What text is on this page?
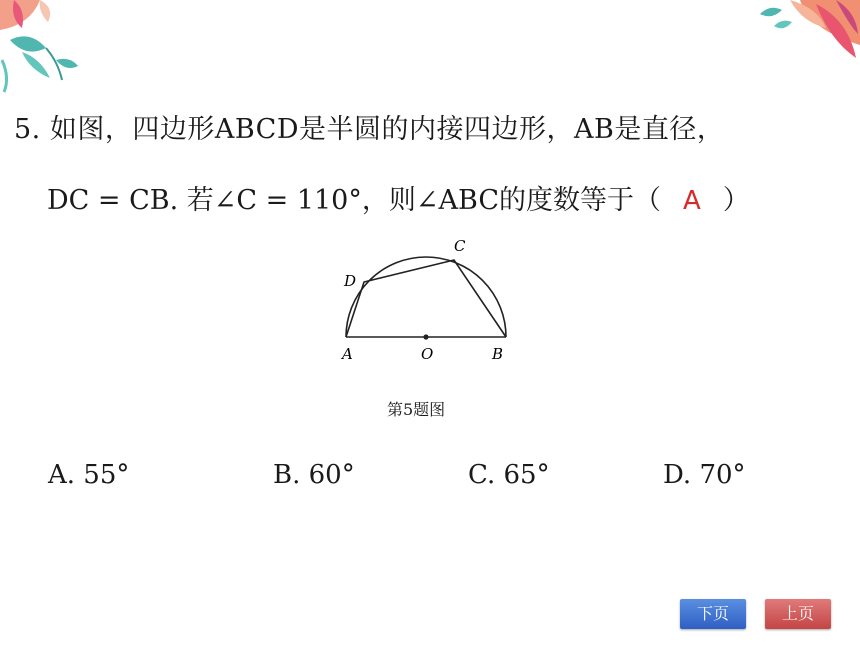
5. 如图，四边形ABCD是半圆的内接四边形，AB是直径，
DC = CB. 若∠C = 110°，则∠ABC的度数等于（ A ）
A	O	B
D
C
第5题图
A. 55°	B. 60°	C. 65°	D. 70°
下页	上页
